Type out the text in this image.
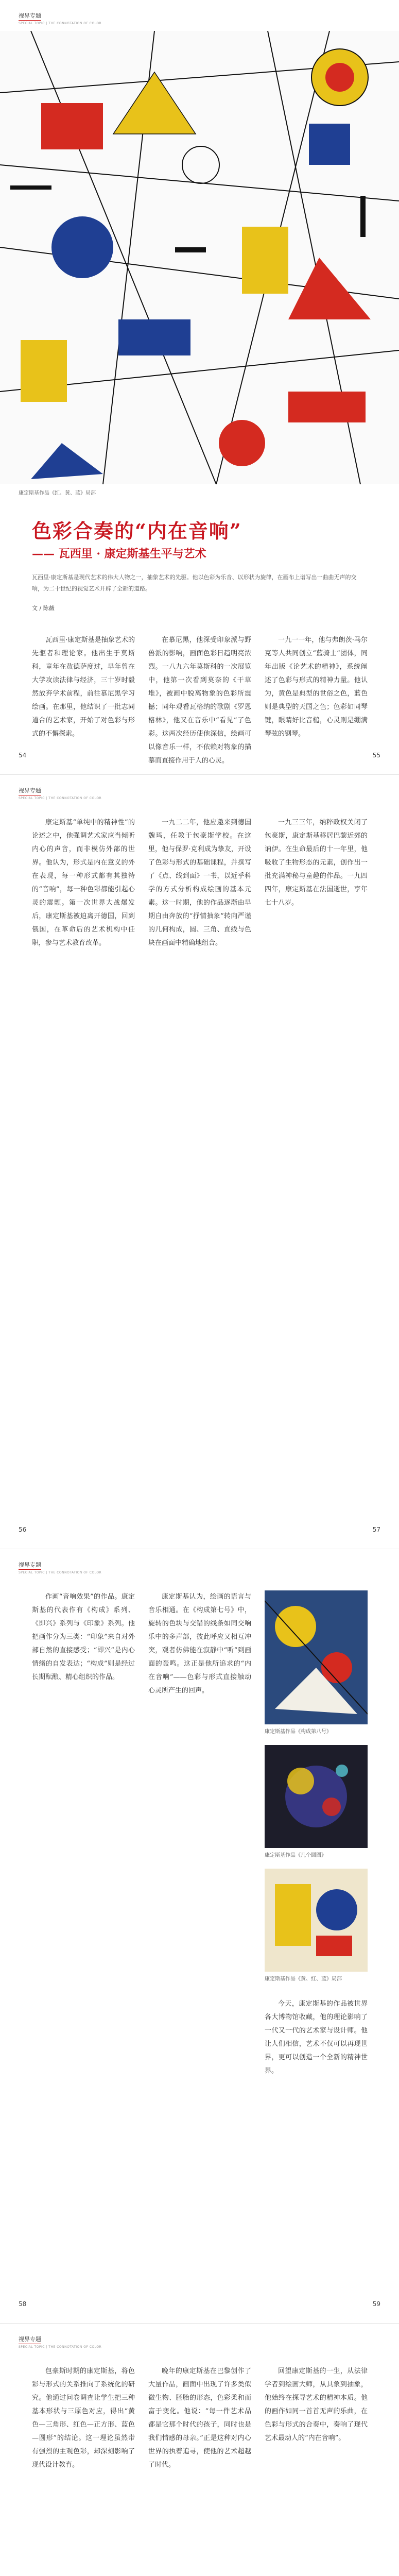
视界专题
SPECIAL TOPIC | THE CONNOTATION OF COLOR
康定斯基作品《红、黄、蓝》局部
色彩合奏的“内在音响”
—— 瓦西里 · 康定斯基生平与艺术
瓦西里·康定斯基是现代艺术的伟大人物之一，抽象艺术的先驱。他以色彩为乐音、以形状为旋律，在画布上谱写出一曲曲无声的交响，为二十世纪的视觉艺术开辟了全新的道路。
文 / 陈薇

瓦西里·康定斯基是抽象艺术的先驱者和理论家。他出生于莫斯科，童年在敖德萨度过，早年曾在大学攻读法律与经济，三十岁时毅然放弃学术前程，前往慕尼黑学习绘画。在那里，他结识了一批志同道合的艺术家，开始了对色彩与形式的不懈探索。

在慕尼黑，他深受印象派与野兽派的影响，画面色彩日趋明亮浓烈。一八九六年莫斯科的一次展览中，他第一次看到莫奈的《干草堆》，被画中脱离物象的色彩所震撼；同年观看瓦格纳的歌剧《罗恩格林》，他又在音乐中“看见”了色彩。这两次经历使他深信，绘画可以像音乐一样，不依赖对物象的描摹而直接作用于人的心灵。

一九一一年，他与弗朗茨·马尔克等人共同创立“蓝骑士”团体，同年出版《论艺术的精神》，系统阐述了色彩与形式的精神力量。他认为，黄色是典型的世俗之色，蓝色则是典型的天国之色；色彩如同琴键，眼睛好比音槌，心灵则是绷满琴弦的钢琴。

54	55
视界专题
SPECIAL TOPIC | THE CONNOTATION OF COLOR

康定斯基“单纯中的精神性”的论述之中，他强调艺术家应当倾听内心的声音，而非模仿外部的世界。他认为，形式是内在意义的外在表现，每一种形式都有其独特的“音响”，每一种色彩都能引起心灵的震颤。第一次世界大战爆发后，康定斯基被迫离开德国，回到俄国，在革命后的艺术机构中任职，参与艺术教育改革。

一九二二年，他应邀来到德国魏玛，任教于包豪斯学校。在这里，他与保罗·克利成为挚友，开设了色彩与形式的基础课程，并撰写了《点、线到面》一书，以近乎科学的方式分析构成绘画的基本元素。这一时期，他的作品逐渐由早期自由奔放的“抒情抽象”转向严谨的几何构成，圆、三角、直线与色块在画面中精确地组合。

一九三三年，纳粹政权关闭了包豪斯，康定斯基移居巴黎近郊的讷伊。在生命最后的十一年里，他吸收了生物形态的元素，创作出一批充满神秘与童趣的作品。一九四四年，康定斯基在法国逝世，享年七十八岁。

56	57
视界专题
SPECIAL TOPIC | THE CONNOTATION OF COLOR

作画“音响效果”的作品。康定斯基的代表作有《构成》系列、《即兴》系列与《印象》系列。他把画作分为三类：“印象”来自对外部自然的直接感受；“即兴”是内心情绪的自发表达；“构成”则是经过长期酝酿、精心组织的作品。

康定斯基认为，绘画的语言与音乐相通。在《构成第七号》中，旋转的色块与交错的线条如同交响乐中的多声部，彼此呼应又相互冲突，观者仿佛能在寂静中“听”到画面的轰鸣。这正是他所追求的“内在音响”——色彩与形式直接触动心灵所产生的回声。

康定斯基作品《构成第八号》
康定斯基作品《几个圆圈》
康定斯基作品《黄、红、蓝》局部

今天，康定斯基的作品被世界各大博物馆收藏，他的理论影响了一代又一代的艺术家与设计师。他让人们相信，艺术不仅可以再现世界，更可以创造一个全新的精神世界。

58	59
视界专题
SPECIAL TOPIC | THE CONNOTATION OF COLOR

包豪斯时期的康定斯基，将色彩与形式的关系推向了系统化的研究。他通过问卷调查让学生把三种基本形状与三原色对应，得出“黄色—三角形、红色—正方形、蓝色—圆形”的结论。这一理论虽然带有强烈的主观色彩，却深刻影响了现代设计教育。

晚年的康定斯基在巴黎创作了大量作品，画面中出现了许多类似微生物、胚胎的形态，色彩柔和而富于变化。他说：“每一件艺术品都是它那个时代的孩子，同时也是我们情感的母亲。”正是这种对内心世界的执着追寻，使他的艺术超越了时代。

回望康定斯基的一生，从法律学者到绘画大师，从具象到抽象，他始终在探寻艺术的精神本质。他的画作如同一首首无声的乐曲，在色彩与形式的合奏中，奏响了现代艺术最动人的“内在音响”。
